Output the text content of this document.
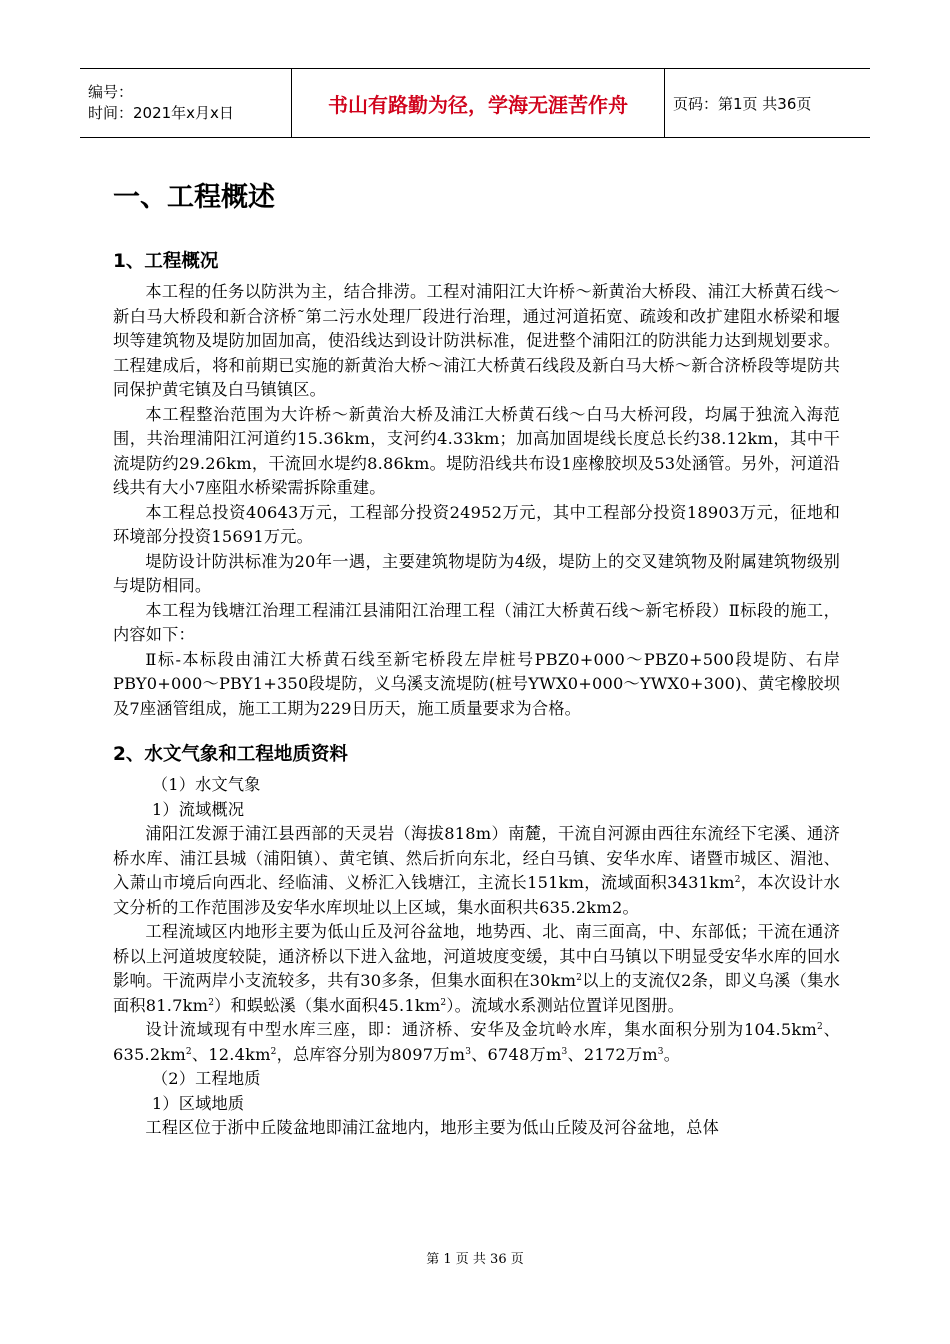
编号：
时间：2021年x月x日	书山有路勤为径，学海无涯苦作舟	页码：第1页 共36页
一、工程概述
1、工程概况

本工程的任务以防洪为主，结合排涝。工程对浦阳江大许桥～新黄治大桥段、浦江大桥黄石线～新白马大桥段和新合济桥˜第二污水处理厂段进行治理，通过河道拓宽、疏竣和改扩建阻水桥梁和堰坝等建筑物及堤防加固加高，使沿线达到设计防洪标准，促进整个浦阳江的防洪能力达到规划要求。工程建成后，将和前期已实施的新黄治大桥～浦江大桥黄石线段及新白马大桥～新合济桥段等堤防共同保护黄宅镇及白马镇镇区。

本工程整治范围为大许桥～新黄治大桥及浦江大桥黄石线～白马大桥河段，均属于独流入海范围，共治理浦阳江河道约15.36km，支河约4.33km；加高加固堤线长度总长约38.12km，其中干流堤防约29.26km，干流回水堤约8.86km。堤防沿线共布设1座橡胶坝及53处涵管。另外，河道沿线共有大小7座阻水桥梁需拆除重建。

本工程总投资40643万元，工程部分投资24952万元，其中工程部分投资18903万元，征地和环境部分投资15691万元。

堤防设计防洪标准为20年一遇，主要建筑物堤防为4级，堤防上的交叉建筑物及附属建筑物级别与堤防相同。

本工程为钱塘江治理工程浦江县浦阳江治理工程（浦江大桥黄石线～新宅桥段）Ⅱ标段的施工，内容如下：

Ⅱ标-本标段由浦江大桥黄石线至新宅桥段左岸桩号PBZ0+000～PBZ0+500段堤防、右岸PBY0+000～PBY1+350段堤防，义乌溪支流堤防(桩号YWX0+000～YWX0+300)、黄宅橡胶坝及7座涵管组成，施工工期为229日历天，施工质量要求为合格。

2、水文气象和工程地质资料

（1）水文气象

1）流域概况

浦阳江发源于浦江县西部的天灵岩（海拔818m）南麓，干流自河源由西往东流经下宅溪、通济桥水库、浦江县城（浦阳镇）、黄宅镇、然后折向东北，经白马镇、安华水库、诸暨市城区、湄池、入萧山市境后向西北、经临浦、义桥汇入钱塘江，主流长151km，流域面积$3431km^2$，本次设计水文分析的工作范围涉及安华水库坝址以上区域，集水面积共635.2km2。

工程流域区内地形主要为低山丘及河谷盆地，地势西、北、南三面高，中、东部低；干流在通济桥以上河道坡度较陡，通济桥以下进入盆地，河道坡度变缓，其中白马镇以下明显受安华水库的回水影响。干流两岸小支流较多，共有30多条，但集水面积在$30km^2$以上的支流仅2条，即义乌溪（集水面积$81.7km^2$）和蜈蚣溪（集水面积$45.1km^2$）。流域水系测站位置详见图册。

设计流域现有中型水库三座，即：通济桥、安华及金坑岭水库，集水面积分别为$104.5km^2$、$635.2km^2$、$12.4km^2$，总库容分别为8097万$m^3$、6748万$m^3$、2172万$m^3$。

（2）工程地质

1）区域地质

工程区位于浙中丘陵盆地即浦江盆地内，地形主要为低山丘陵及河谷盆地，总体

第 1 页 共 36 页
